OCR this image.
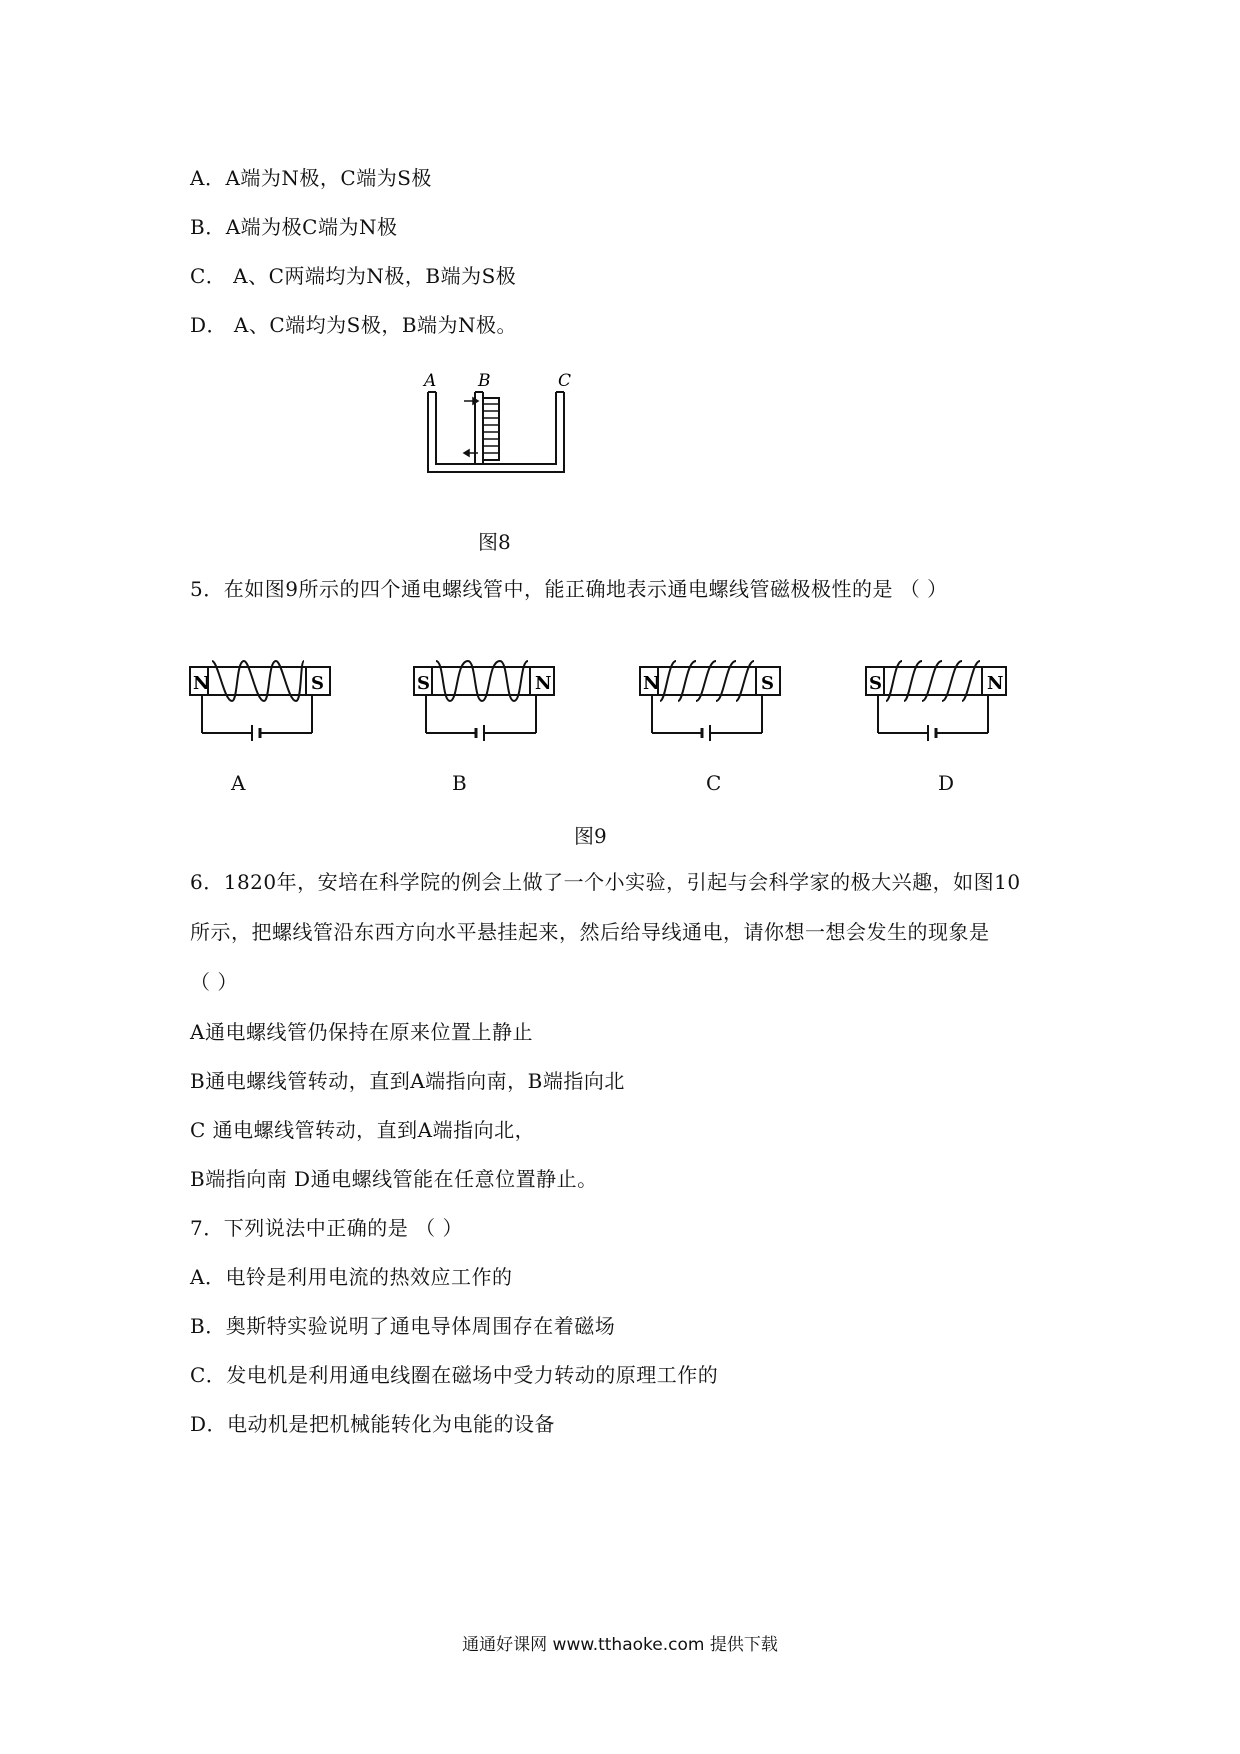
A．A端为N极，C端为S极
B．A端为极C端为N极
C． A、C两端均为N极，B端为S极
D． A、C端均为S极，B端为N极。
A B	C
图8
5．在如图9所示的四个通电螺线管中，能正确地表示通电螺线管磁极极性的是 （ ）
N	S	S	N	N	S	S	N
A	B	C	D
图9
6．1820年，安培在科学院的例会上做了一个小实验，引起与会科学家的极大兴趣，如图10
所示，把螺线管沿东西方向水平悬挂起来，然后给导线通电，请你想一想会发生的现象是
（ ）
A通电螺线管仍保持在原来位置上静止
B通电螺线管转动，直到A端指向南，B端指向北
C 通电螺线管转动，直到A端指向北，
B端指向南 D通电螺线管能在任意位置静止。
7．下列说法中正确的是 （ ）
A．电铃是利用电流的热效应工作的
B．奥斯特实验说明了通电导体周围存在着磁场
C．发电机是利用通电线圈在磁场中受力转动的原理工作的
D．电动机是把机械能转化为电能的设备
通通好课网 www.tthaoke.com 提供下载
